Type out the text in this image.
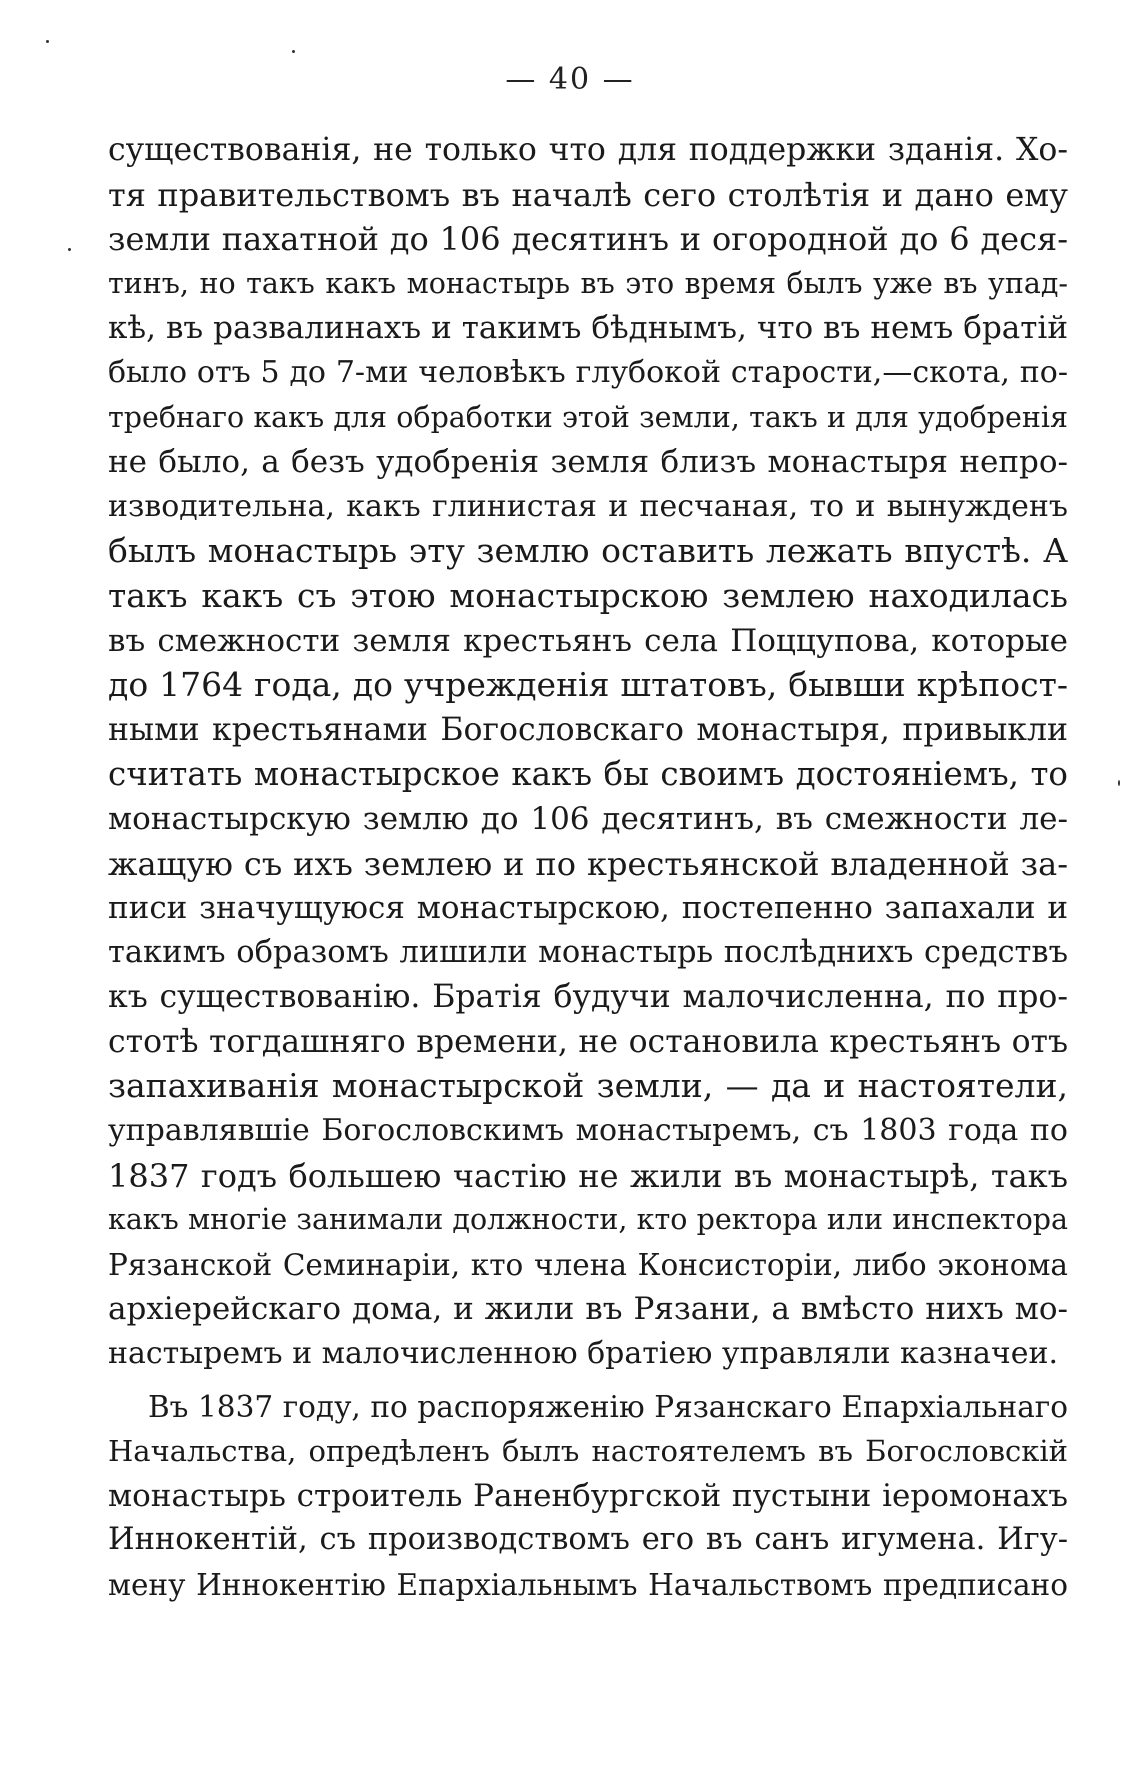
— 40 —
существованія, не только что для поддержки зданія. Хо-
тя правительствомъ въ началѣ сего столѣтія и дано ему
земли пахатной до 106 десятинъ и огородной до 6 деся-
тинъ, но такъ какъ монастырь въ это время былъ уже въ упад-
кѣ, въ развалинахъ и такимъ бѣднымъ, что въ немъ братій
было отъ 5 до 7-ми человѣкъ глубокой старости,—скота, по-
требнаго какъ для обработки этой земли, такъ и для удобренія
не было, а безъ удобренія земля близъ монастыря непро-
изводительна, какъ глинистая и песчаная, то и вынужденъ
былъ монастырь эту землю оставить лежать впустѣ. А
такъ какъ съ этою монастырскою землею находилась
въ смежности земля крестьянъ села Поццупова, которые
до 1764 года, до учрежденія штатовъ, бывши крѣпост-
ными крестьянами Богословскаго монастыря, привыкли
считать монастырское какъ бы своимъ достояніемъ, то
монастырскую землю до 106 десятинъ, въ смежности ле-
жащую съ ихъ землею и по крестьянской владенной за-
писи значущуюся монастырскою, постепенно запахали и
такимъ образомъ лишили монастырь послѣднихъ средствъ
къ существованію. Братія будучи малочисленна, по про-
стотѣ тогдашняго времени, не остановила крестьянъ отъ
запахиванія монастырской земли, — да и настоятели,
управлявшіе Богословскимъ монастыремъ, съ 1803 года по
1837 годъ большею частію не жили въ монастырѣ, такъ
какъ многіе занимали должности, кто ректора или инспектора
Рязанской Семинаріи, кто члена Консисторіи, либо эконома
архіерейскаго дома, и жили въ Рязани, а вмѣсто нихъ мо-
настыремъ и малочисленною братіею управляли казначеи.
Въ 1837 году, по распоряженію Рязанскаго Епархіальнаго
Начальства, опредѣленъ былъ настоятелемъ въ Богословскій
монастырь строитель Раненбургской пустыни іеромонахъ
Иннокентій, съ производствомъ его въ санъ игумена. Игу-
мену Иннокентію Епархіальнымъ Начальствомъ предписано
